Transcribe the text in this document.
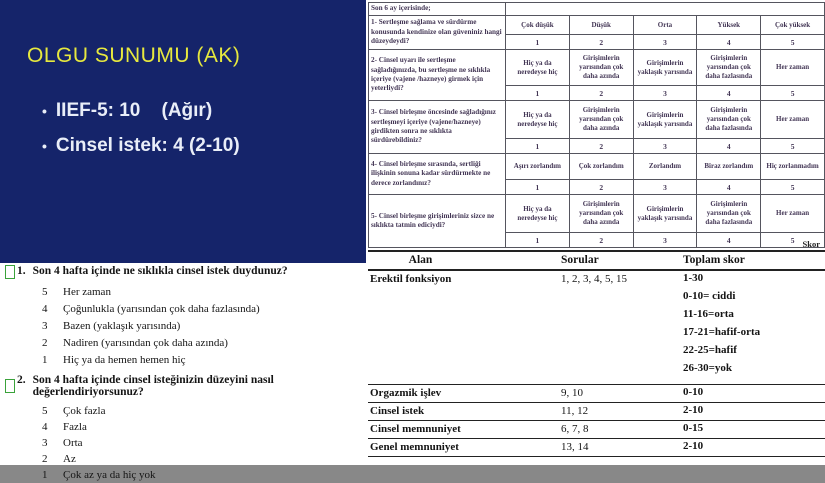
OLGU SUNUMU (AK)
• IIEF-5: 10    (Ağır)
• Cinsel istek: 4 (2-10)
Son 6 ay içerisinde;					
1- Sertleşme sağlama ve sürdürme konusunda kendinize olan güveniniz hangi düzeydeydi?	Çok düşük	Düşük	Orta	Yüksek	Çok yüksek
	1	2	3	4	5
2- Cinsel uyarı ile sertleşme sağladığınızda, bu sertleşme ne sıklıkla içeriye (vajene /hazneye) girmek için yeterliydi?	Hiç ya da neredeyse hiç	Girişimlerin yarısından çok daha azında	Girişimlerin yaklaşık yarısında	Girişimlerin yarısından çok daha fazlasında	Her zaman
	1	2	3	4	5
3- Cinsel birleşme öncesinde sağladığınız sertleşmeyi içeriye (vajene/hazneye) girdikten sonra ne sıklıkta sürdürebildiniz?	Hiç ya da neredeyse hiç	Girişimlerin yarısından çok daha azında	Girişimlerin yaklaşık yarısında	Girişimlerin yarısından çok daha fazlasında	Her zaman
	1	2	3	4	5
4- Cinsel birleşme sırasında, sertliği ilişkinin sonuna kadar sürdürmekte ne derece zorlandınız?	Aşırı zorlandım	Çok zorlandım	Zorlandım	Biraz zorlandım	Hiç zorlanmadım
	1	2	3	4	5
5- Cinsel birleşme girişimleriniz sizce ne sıklıkta tatmin ediciydi?	Hiç ya da neredeyse hiç	Girişimlerin yarısından çok daha azında	Girişimlerin yaklaşık yarısında	Girişimlerin yarısından çok daha fazlasında	Her zaman
	1	2	3	4	5 Skor
Alan	Sorular	Toplam skor
Erektil fonksiyon	1, 2, 3, 4, 5, 15	1-30
0-10= ciddi
11-16=orta
17-21=hafif-orta
22-25=hafif
26-30=yok

Orgazmik işlev	9, 10	0-10

Cinsel istek	11, 12	2-10

Cinsel memnuniyet	6, 7, 8	0-15

Genel memnuniyet	13, 14	2-10
1. Son 4 hafta içinde ne sıklıkla cinsel istek duydunuz?
5	Her zaman
4	Çoğunlukla (yarısından çok daha fazlasında)
3	Bazen (yaklaşık yarısında)
2	Nadiren (yarısından çok daha azında)
1	Hiç ya da hemen hemen hiç
2. Son 4 hafta içinde cinsel isteğinizin düzeyini nasıl değerlendiriyorsunuz?
5	Çok fazla
4	Fazla
3	Orta
2	Az
1	Çok az ya da hiç yok
